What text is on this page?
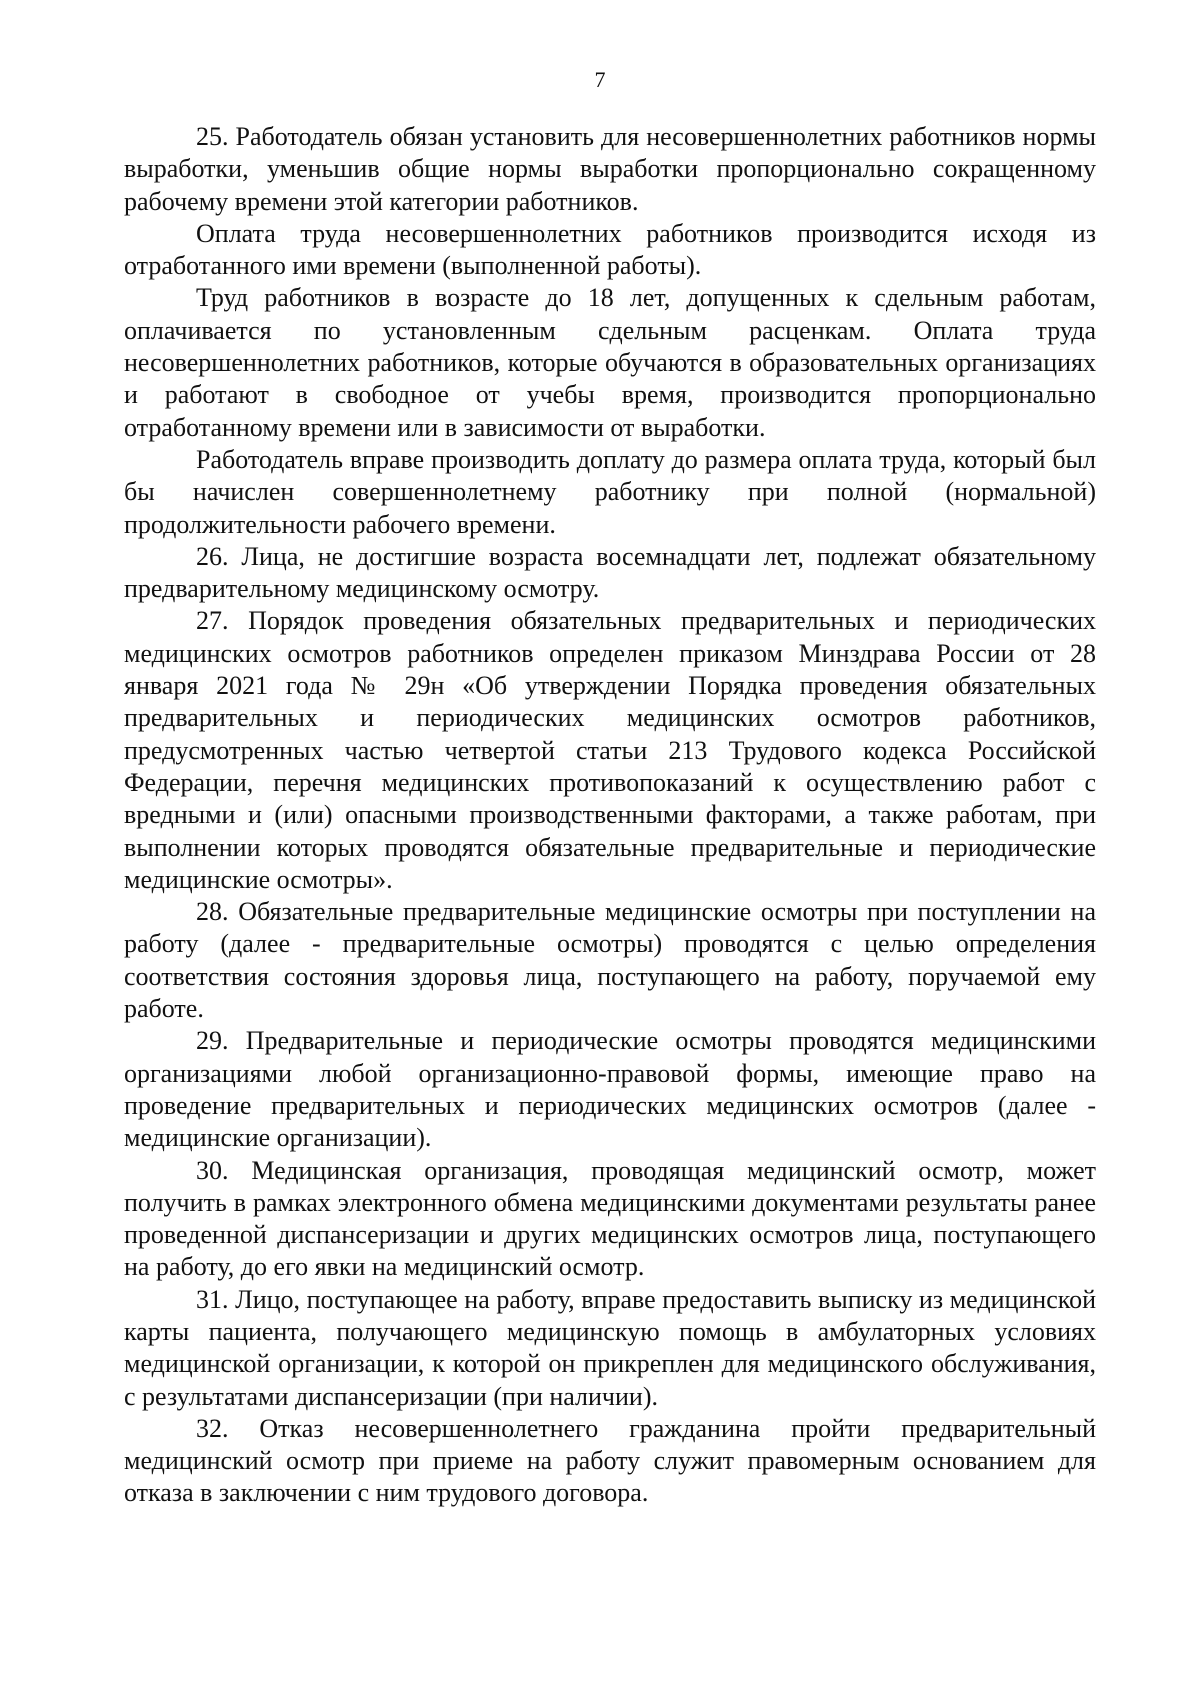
7

25. Работодатель обязан установить для несовершеннолетних работников нормы выработки, уменьшив общие нормы выработки пропорционально сокращенному рабочему времени этой категории работников.

Оплата труда несовершеннолетних работников производится исходя из отработанного ими времени (выполненной работы).

Труд работников в возрасте до 18 лет, допущенных к сдельным работам, оплачивается по установленным сдельным расценкам. Оплата труда несовершеннолетних работников, которые обучаются в образовательных организациях и работают в свободное от учебы время, производится пропорционально отработанному времени или в зависимости от выработки.

Работодатель вправе производить доплату до размера оплата труда, который был бы начислен совершеннолетнему работнику при полной (нормальной) продолжительности рабочего времени.

26. Лица, не достигшие возраста восемнадцати лет, подлежат обязательному предварительному медицинскому осмотру.

27. Порядок проведения обязательных предварительных и периодических медицинских осмотров работников определен приказом Минздрава России от 28 января 2021 года № 29н «Об утверждении Порядка проведения обязательных предварительных и периодических медицинских осмотров работников, предусмотренных частью четвертой статьи 213 Трудового кодекса Российской Федерации, перечня медицинских противопоказаний к осуществлению работ с вредными и (или) опасными производственными факторами, а также работам, при выполнении которых проводятся обязательные предварительные и периодические медицинские осмотры».

28. Обязательные предварительные медицинские осмотры при поступлении на работу (далее - предварительные осмотры) проводятся с целью определения соответствия состояния здоровья лица, поступающего на работу, поручаемой ему работе.

29. Предварительные и периодические осмотры проводятся медицинскими организациями любой организационно-правовой формы, имеющие право на проведение предварительных и периодических медицинских осмотров (далее - медицинские организации).

30. Медицинская организация, проводящая медицинский осмотр, может получить в рамках электронного обмена медицинскими документами результаты ранее проведенной диспансеризации и других медицинских осмотров лица, поступающего на работу, до его явки на медицинский осмотр.

31. Лицо, поступающее на работу, вправе предоставить выписку из медицинской карты пациента, получающего медицинскую помощь в амбулаторных условиях медицинской организации, к которой он прикреплен для медицинского обслуживания, с результатами диспансеризации (при наличии).

32. Отказ несовершеннолетнего гражданина пройти предварительный медицинский осмотр при приеме на работу служит правомерным основанием для отказа в заключении с ним трудового договора.
